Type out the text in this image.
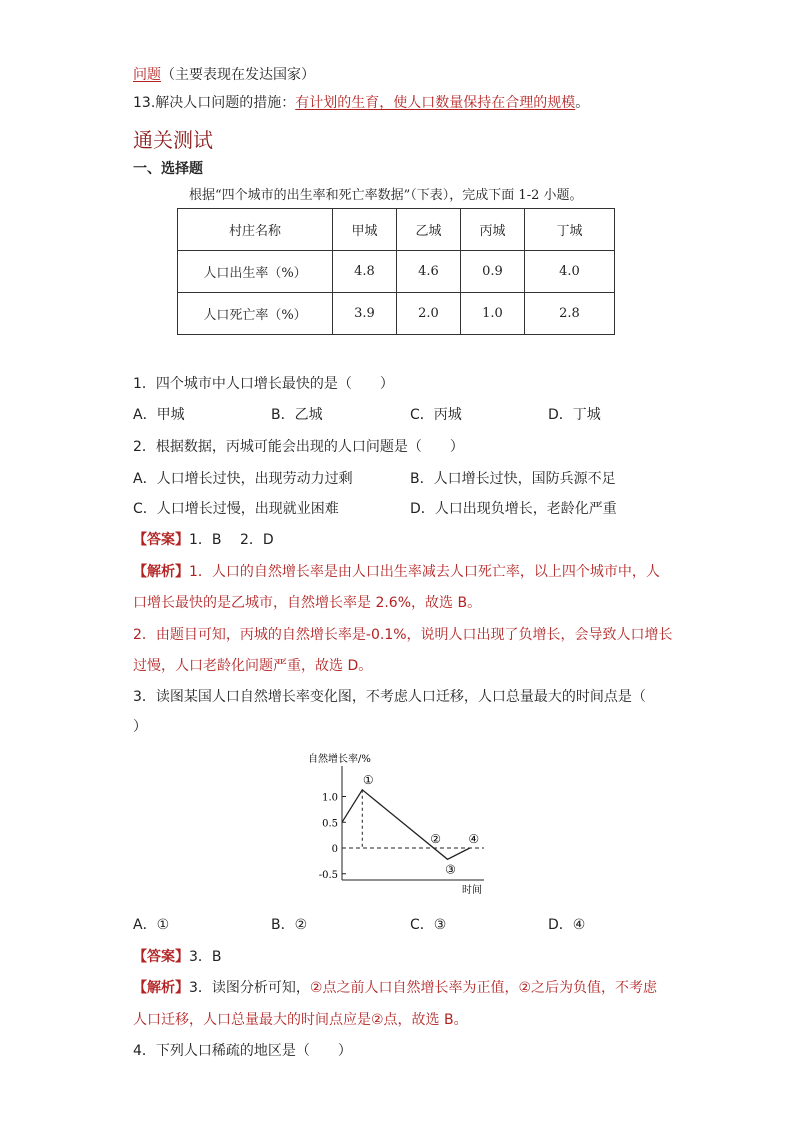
问题（主要表现在发达国家）
13.解决人口问题的措施：有计划的生育，使人口数量保持在合理的规模。
通关测试
一、选择题
根据“四个城市的出生率和死亡率数据”（下表），完成下面 1-2 小题。
村庄名称	甲城	乙城	丙城	丁城
人口出生率（%）	4.8	4.6	0.9	4.0
人口死亡率（%）	3.9	2.0	1.0	2.8
1．四个城市中人口增长最快的是（　　）
A．甲城	B．乙城	C．丙城	D．丁城
2．根据数据，丙城可能会出现的人口问题是（　　）
A．人口增长过快，出现劳动力过剩	B．人口增长过快，国防兵源不足
C．人口增长过慢，出现就业困难	D．人口出现负增长，老龄化严重
【答案】1．B　 2．D
【解析】1．人口的自然增长率是由人口出生率减去人口死亡率，以上四个城市中，人
口增长最快的是乙城市，自然增长率是 2.6%，故选 B。
2．由题目可知，丙城的自然增长率是-0.1%，说明人口出现了负增长，会导致人口增长
过慢，人口老龄化问题严重，故选 D。
3．读图某国人口自然增长率变化图，不考虑人口迁移，人口总量最大的时间点是（
）
自然增长率/%
1.0
0.5
0
-0.5
①
②
③
④
时间
A．①	B．②	C．③	D．④
【答案】3．B
【解析】3．读图分析可知，②点之前人口自然增长率为正值，②之后为负值，不考虑
人口迁移，人口总量最大的时间点应是②点，故选 B。
4．下列人口稀疏的地区是（　　）
